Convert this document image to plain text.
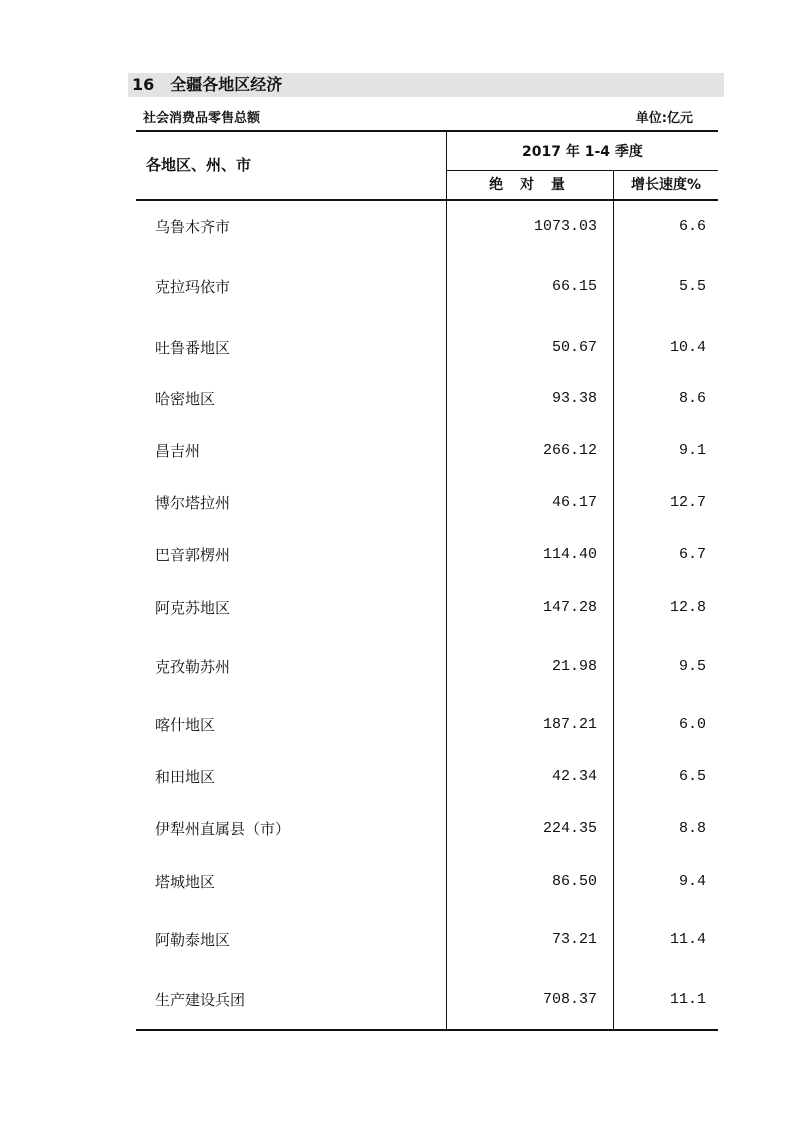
16 全疆各地区经济
社会消费品零售总额	单位:亿元
各地区、州、市
2017 年 1-4 季度
绝 对 量	增长速度%
乌鲁木齐市	1073.03	6.6
克拉玛依市	66.15	5.5
吐鲁番地区	50.67	10.4
哈密地区	93.38	8.6
昌吉州	266.12	9.1
博尔塔拉州	46.17	12.7
巴音郭楞州	114.40	6.7
阿克苏地区	147.28	12.8
克孜勒苏州	21.98	9.5
喀什地区	187.21	6.0
和田地区	42.34	6.5
伊犁州直属县（市）	224.35	8.8
塔城地区	86.50	9.4
阿勒泰地区	73.21	11.4
生产建设兵团	708.37	11.1
